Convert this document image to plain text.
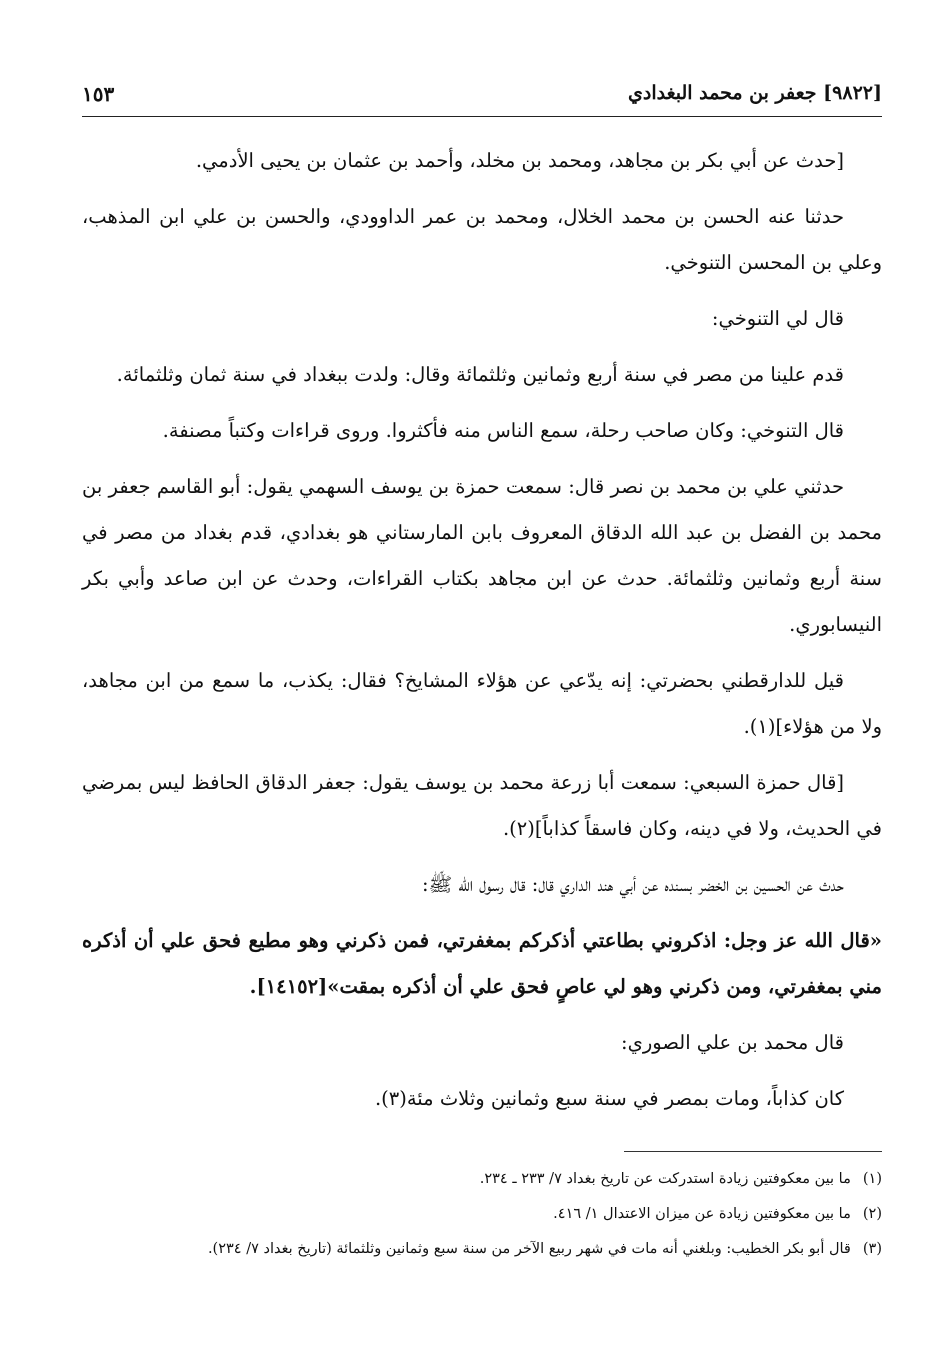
[٩٨٢٢] جعفر بن محمد البغدادي
١٥٣

[حدث عن أبي بكر بن مجاهد، ومحمد بن مخلد، وأحمد بن عثمان بن يحيى الأدمي.

حدثنا عنه الحسن بن محمد الخلال، ومحمد بن عمر الداوودي، والحسن بن علي ابن المذهب، وعلي بن المحسن التنوخي.

قال لي التنوخي:

قدم علينا من مصر في سنة أربع وثمانين وثلثمائة وقال: ولدت ببغداد في سنة ثمان وثلثمائة.

قال التنوخي: وكان صاحب رحلة، سمع الناس منه فأكثروا. وروى قراءات وكتباً مصنفة.

حدثني علي بن محمد بن نصر قال: سمعت حمزة بن يوسف السهمي يقول: أبو القاسم جعفر بن محمد بن الفضل بن عبد الله الدقاق المعروف بابن المارستاني هو بغدادي، قدم بغداد من مصر في سنة أربع وثمانين وثلثمائة. حدث عن ابن مجاهد بكتاب القراءات، وحدث عن ابن صاعد وأبي بكر النيسابوري.

قيل للدارقطني بحضرتي: إنه يدّعي عن هؤلاء المشايخ؟ فقال: يكذب، ما سمع من ابن مجاهد، ولا من هؤلاء](١).

[قال حمزة السبعي: سمعت أبا زرعة محمد بن يوسف يقول: جعفر الدقاق الحافظ ليس بمرضي في الحديث، ولا في دينه، وكان فاسقاً كذاباً](٢).

حدث عن الحسين بن الخضر بسنده عن أبي هند الداري قال: قال رسول الله ﷺ:

«قال الله عز وجل: اذكروني بطاعتي أذكركم بمغفرتي، فمن ذكرني وهو مطيع فحق علي أن أذكره مني بمغفرتي، ومن ذكرني وهو لي عاصٍ فحق علي أن أذكره بمقت»[١٤١٥٢].

قال محمد بن علي الصوري:

كان كذاباً، ومات بمصر في سنة سبع وثمانين وثلاث مئة(٣).

(١)ما بين معكوفتين زيادة استدركت عن تاريخ بغداد ٧/ ٢٣٣ ـ ٢٣٤.
(٢)ما بين معكوفتين زيادة عن ميزان الاعتدال ١/ ٤١٦.
(٣)قال أبو بكر الخطيب: وبلغني أنه مات في شهر ربيع الآخر من سنة سبع وثمانين وثلثمائة (تاريخ بغداد ٧/ ٢٣٤).
